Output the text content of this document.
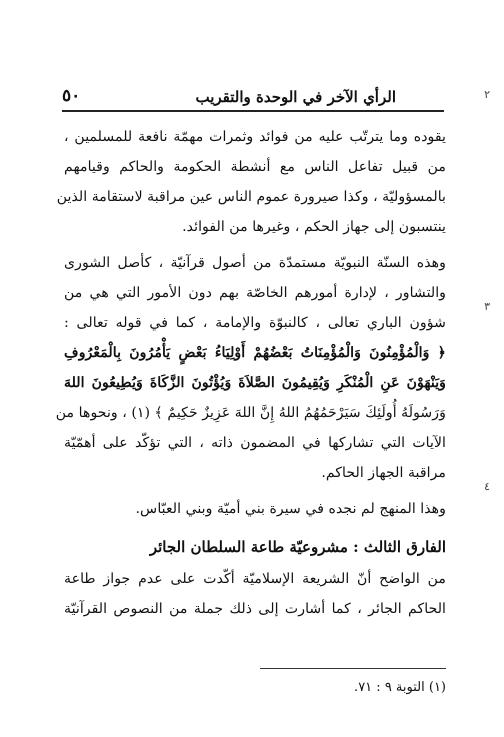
الرأي الآخر في الوحدة والتقريب
٥٠	٢
٣
٤
يقوده وما يترتّب عليه من فوائد وثمرات مهمّة نافعة للمسلمين ،
من قبيل تفاعل الناس مع أنشطة الحكومة والحاكم وقيامهم
بالمسؤوليّة ، وكذا صيرورة عموم الناس عين مراقبة لاستقامة الذين
ينتسبون إلى جهاز الحكم ، وغيرها من الفوائد.
وهذه السنّة النبويّة مستمدّة من أصول قرآنيّة ، كأصل الشورى
والتشاور ، لإدارة أمورهم الخاصّة بهم دون الأمور التي هي من
شؤون الباري تعالى ، كالنبوّة والإمامة ، كما في قوله تعالى :
﴿ وَالْمُؤْمِنُونَ وَالْمُؤْمِنَاتُ بَعْضُهُمْ أَوْلِيَاءُ بَعْضٍ يَأْمُرُونَ بِالْمَعْرُوفِ
وَيَنْهَوْنَ عَنِ الْمُنْكَرِ وَيُقِيمُونَ الصَّلاَةَ وَيُؤْتُونَ الزَّكَاةَ وَيُطِيعُونَ اللهَ
وَرَسُولَهُ أُولَئِكَ سَيَرْحَمُهُمُ اللهُ إِنَّ اللهَ عَزِيزٌ حَكِيمٌ ﴾ (١) ، ونحوها من
الآيات التي تشاركها في المضمون ذاته ، التي تؤكّد على أهمّيّة
مراقبة الجهاز الحاكم.
وهذا المنهج لم نجده في سيرة بني أميّة وبني العبّاس.
الفارق الثالث : مشروعيّة طاعة السلطان الجائر
من الواضح أنّ الشريعة الإسلاميّة أكّدت على عدم جواز طاعة
الحاكم الجائر ، كما أشارت إلى ذلك جملة من النصوص القرآنيّة
(١) التوبة ٩ : ٧١.
